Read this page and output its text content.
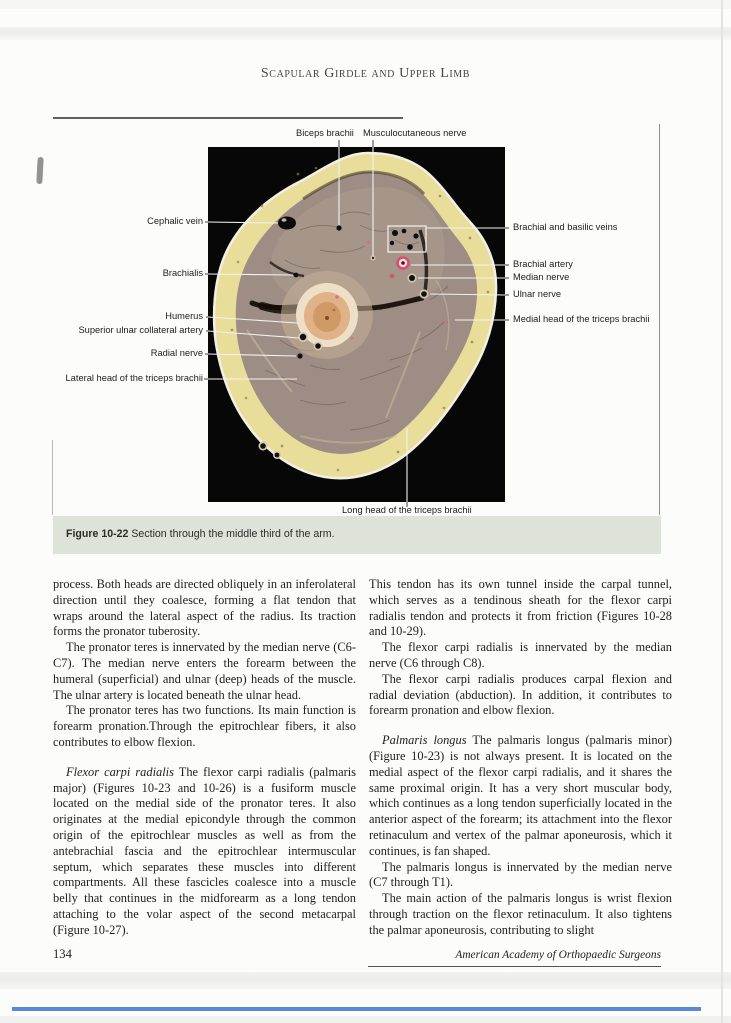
Scapular Girdle and Upper Limb
Biceps brachii Musculocutaneous nerve
Cephalic vein
Brachialis
Humerus
Superior ulnar collateral artery
Radial nerve
Lateral head of the triceps brachii
Brachial and basilic veins
Brachial artery
Median nerve
Ulnar nerve
Medial head of the triceps brachii
Long head of the triceps brachii
Figure 10-22 Section through the middle third of the arm.

process. Both heads are directed obliquely in an inferolateral direction until they coalesce, forming a flat tendon that wraps around the lateral aspect of the radius. Its traction forms the pronator tuberosity.

The pronator teres is innervated by the median nerve (C6-C7). The median nerve enters the forearm between the humeral (superficial) and ulnar (deep) heads of the muscle. The ulnar artery is located beneath the ulnar head.

The pronator teres has two functions. Its main function is forearm pronation.Through the epitrochlear fibers, it also contributes to elbow flexion.

Flexor carpi radialis The flexor carpi radialis (palmaris major) (Figures 10-23 and 10-26) is a fusiform muscle located on the medial side of the pronator teres. It also originates at the medial epicondyle through the common origin of the epitrochlear muscles as well as from the antebrachial fascia and the epitrochlear intermuscular septum, which separates these muscles into different compartments. All these fascicles coalesce into a muscle belly that continues in the midforearm as a long tendon attaching to the volar aspect of the second metacarpal (Figure 10-27).

This tendon has its own tunnel inside the carpal tunnel, which serves as a tendinous sheath for the flexor carpi radialis tendon and protects it from friction (Figures 10-28 and 10-29).

The flexor carpi radialis is innervated by the median nerve (C6 through C8).

The flexor carpi radialis produces carpal flexion and radial deviation (abduction). In addition, it contributes to forearm pronation and elbow flexion.

Palmaris longus The palmaris longus (palmaris minor) (Figure 10-23) is not always present. It is located on the medial aspect of the flexor carpi radialis, and it shares the same proximal origin. It has a very short muscular body, which continues as a long tendon superficially located in the anterior aspect of the forearm; its attachment into the flexor retinaculum and vertex of the palmar aponeurosis, which it continues, is fan shaped.

The palmaris longus is innervated by the median nerve (C7 through T1).

The main action of the palmaris longus is wrist flexion through traction on the flexor retinaculum. It also tightens the palmar aponeurosis, contributing to slight

134	American Academy of Orthopaedic Surgeons
